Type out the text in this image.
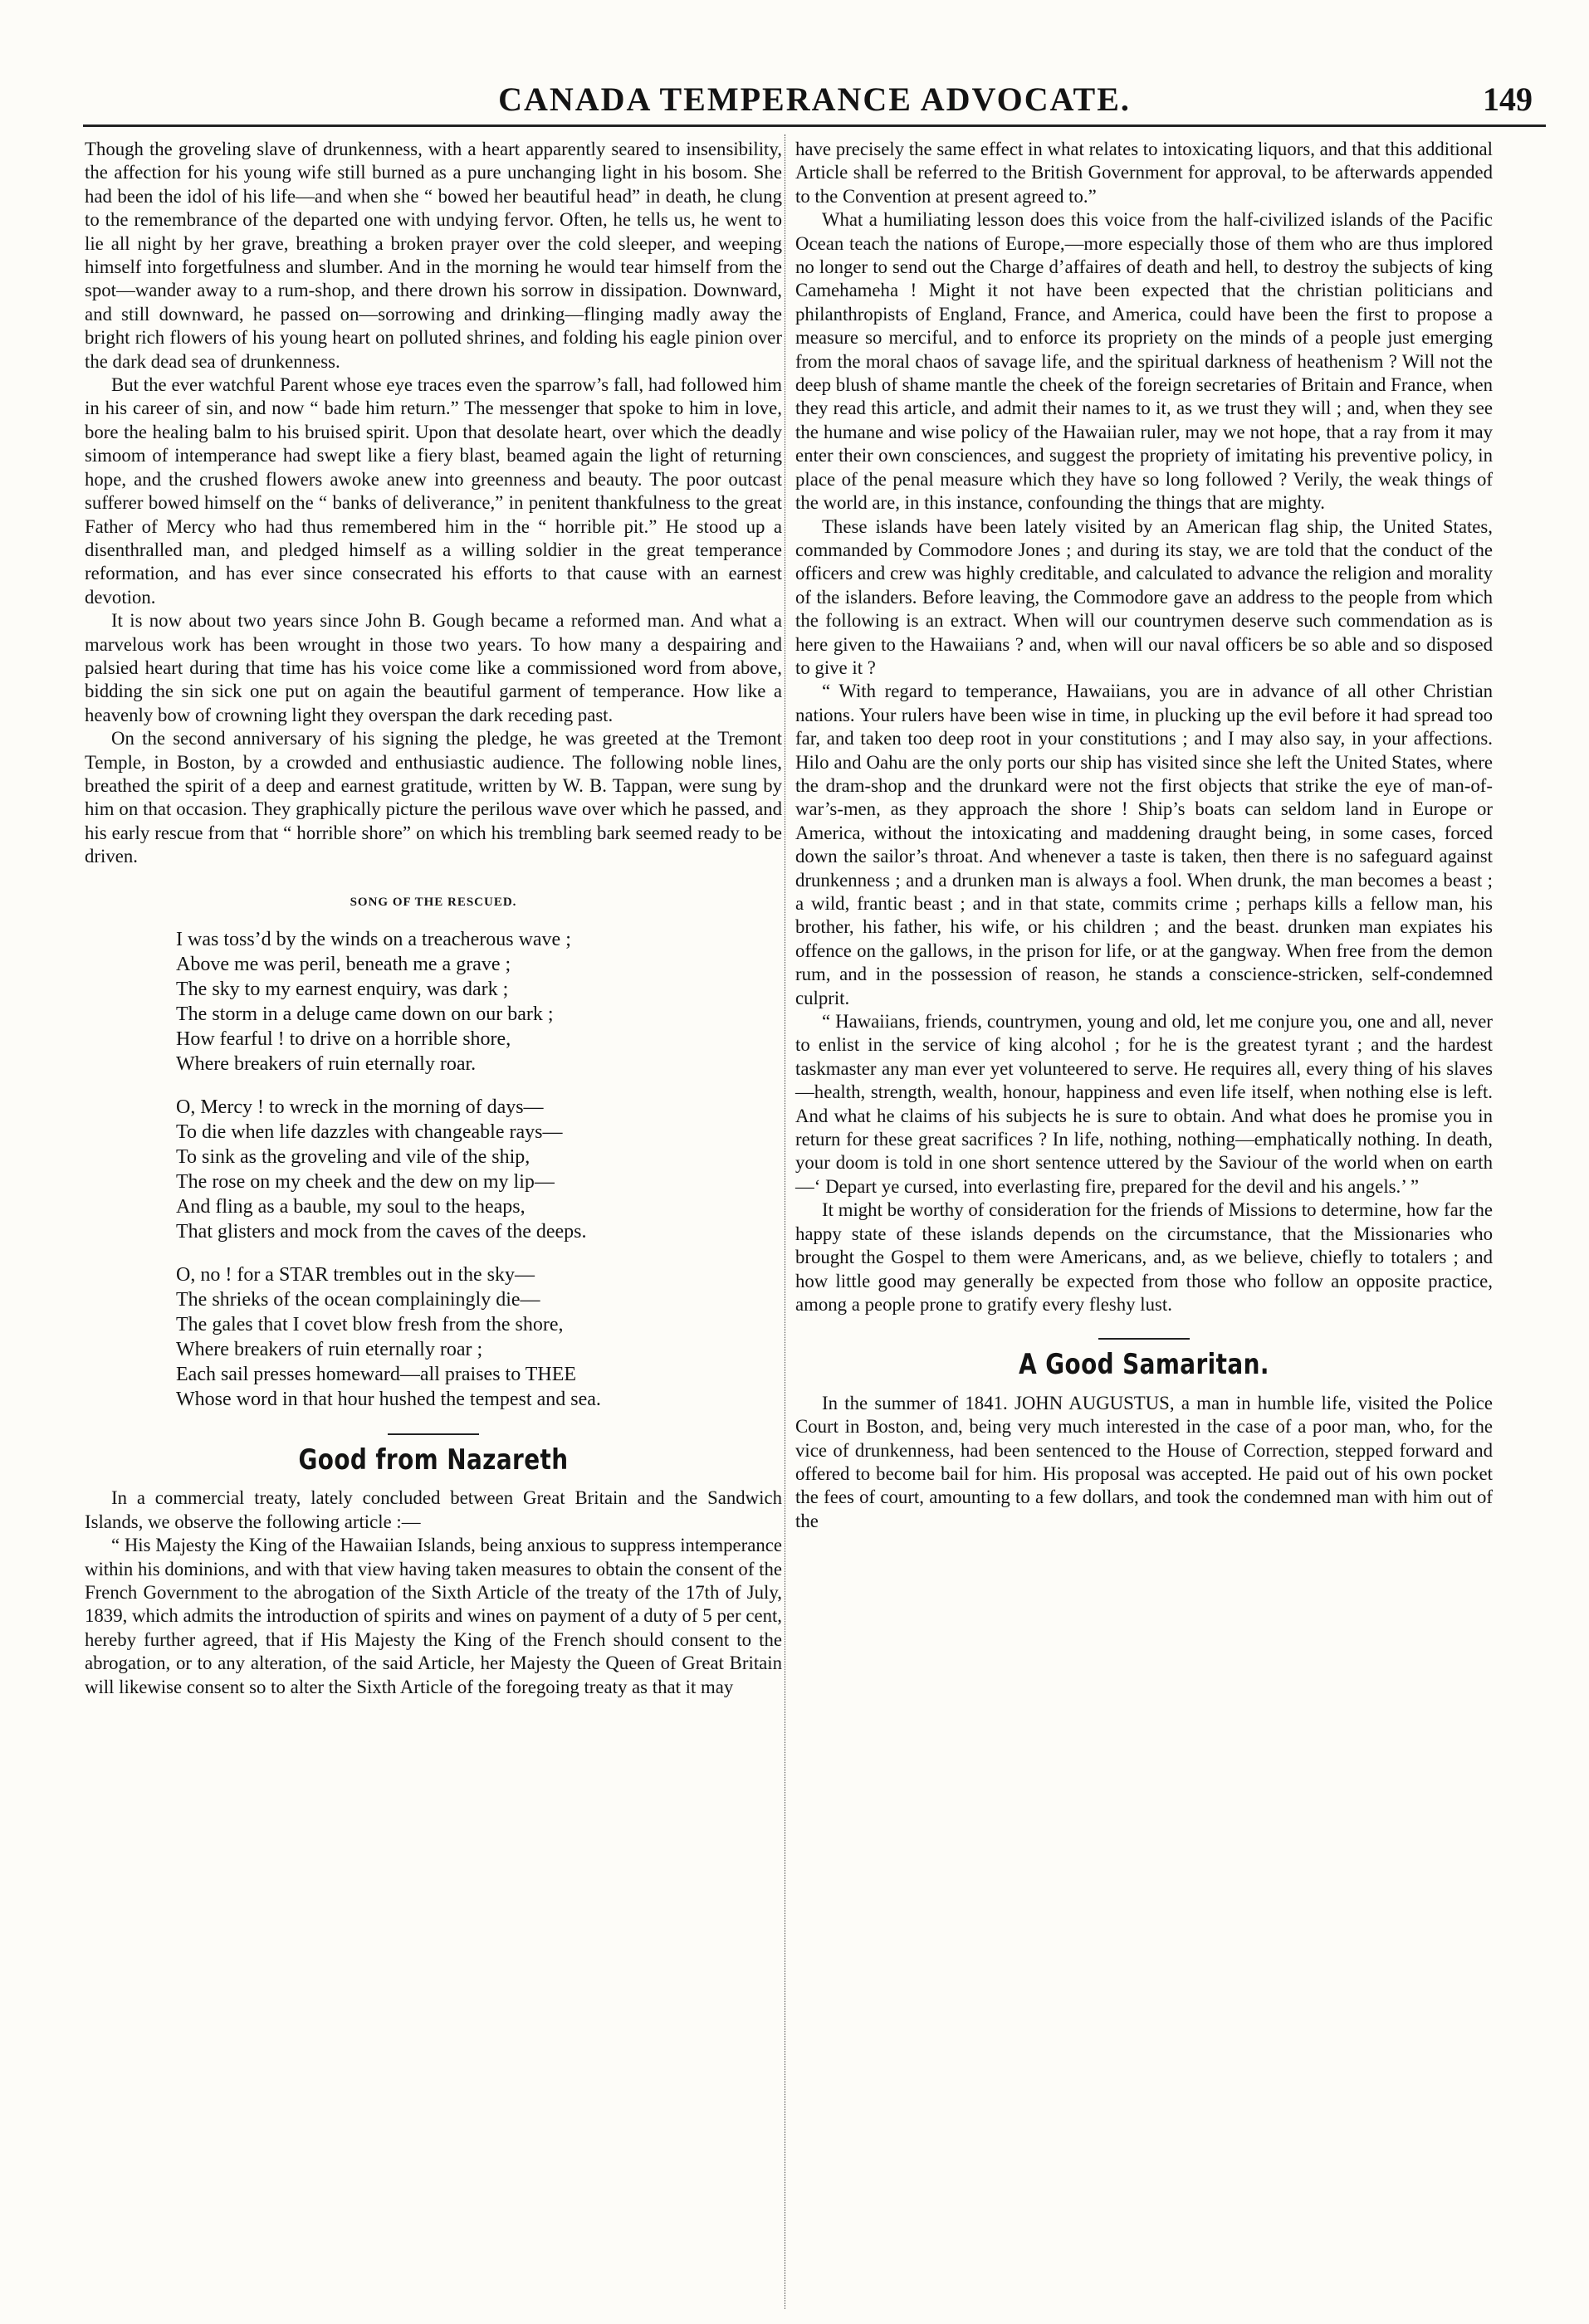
CANADA TEMPERANCE ADVOCATE.	149

Though the groveling slave of drunkenness, with a heart apparently seared to insensibility, the affection for his young wife still burned as a pure unchanging light in his bosom. She had been the idol of his life—and when she “ bowed her beautiful head” in death, he clung to the remembrance of the departed one with undying fervor. Often, he tells us, he went to lie all night by her grave, breathing a broken prayer over the cold sleeper, and weeping himself into forgetfulness and slumber. And in the morning he would tear himself from the spot—wander away to a rum-shop, and there drown his sorrow in dissipation. Downward, and still downward, he passed on—sorrowing and drinking—flinging madly away the bright rich flowers of his young heart on polluted shrines, and folding his eagle pinion over the dark dead sea of drunkenness.

But the ever watchful Parent whose eye traces even the sparrow’s fall, had followed him in his career of sin, and now “ bade him return.” The messenger that spoke to him in love, bore the healing balm to his bruised spirit. Upon that desolate heart, over which the deadly simoom of intemperance had swept like a fiery blast, beamed again the light of returning hope, and the crushed flowers awoke anew into greenness and beauty. The poor outcast sufferer bowed himself on the “ banks of deliverance,” in penitent thankfulness to the great Father of Mercy who had thus remembered him in the “ horrible pit.” He stood up a disenthralled man, and pledged himself as a willing soldier in the great temperance reformation, and has ever since consecrated his efforts to that cause with an earnest devotion.

It is now about two years since John B. Gough became a reformed man. And what a marvelous work has been wrought in those two years. To how many a despairing and palsied heart during that time has his voice come like a commissioned word from above, bidding the sin sick one put on again the beautiful garment of temperance. How like a heavenly bow of crowning light they overspan the dark receding past.

On the second anniversary of his signing the pledge, he was greeted at the Tremont Temple, in Boston, by a crowded and enthusiastic audience. The following noble lines, breathed the spirit of a deep and earnest gratitude, written by W. B. Tappan, were sung by him on that occasion. They graphically picture the perilous wave over which he passed, and his early rescue from that “ horrible shore” on which his trembling bark seemed ready to be driven.

SONG OF THE RESCUED.
I was toss’d by the winds on a treacherous wave ;
Above me was peril, beneath me a grave ;
The sky to my earnest enquiry, was dark ;
The storm in a deluge came down on our bark ;
How fearful ! to drive on a horrible shore,
Where breakers of ruin eternally roar.
O, Mercy ! to wreck in the morning of days—
To die when life dazzles with changeable rays—
To sink as the groveling and vile of the ship,
The rose on my cheek and the dew on my lip—
And fling as a bauble, my soul to the heaps,
That glisters and mock from the caves of the deeps.
O, no ! for a STAR trembles out in the sky—
The shrieks of the ocean complainingly die—
The gales that I covet blow fresh from the shore,
Where breakers of ruin eternally roar ;
Each sail presses homeward—all praises to THEE
Whose word in that hour hushed the tempest and sea.
Good from Nazareth

In a commercial treaty, lately concluded between Great Britain and the Sandwich Islands, we observe the following article :—

“ His Majesty the King of the Hawaiian Islands, being anxious to suppress intemperance within his dominions, and with that view having taken measures to obtain the consent of the French Government to the abrogation of the Sixth Article of the treaty of the 17th of July, 1839, which admits the introduction of spirits and wines on payment of a duty of 5 per cent, hereby further agreed, that if His Majesty the King of the French should consent to the abrogation, or to any alteration, of the said Article, her Majesty the Queen of Great Britain will likewise consent so to alter the Sixth Article of the foregoing treaty as that it may

have precisely the same effect in what relates to intoxicating liquors, and that this additional Article shall be referred to the British Government for approval, to be afterwards appended to the Convention at present agreed to.”

What a humiliating lesson does this voice from the half-civilized islands of the Pacific Ocean teach the nations of Europe,—more especially those of them who are thus implored no longer to send out the Charge d’affaires of death and hell, to destroy the subjects of king Camehameha ! Might it not have been expected that the christian politicians and philanthropists of England, France, and America, could have been the first to propose a measure so merciful, and to enforce its propriety on the minds of a people just emerging from the moral chaos of savage life, and the spiritual darkness of heathenism ? Will not the deep blush of shame mantle the cheek of the foreign secretaries of Britain and France, when they read this article, and admit their names to it, as we trust they will ; and, when they see the humane and wise policy of the Hawaiian ruler, may we not hope, that a ray from it may enter their own consciences, and suggest the propriety of imitating his preventive policy, in place of the penal measure which they have so long followed ? Verily, the weak things of the world are, in this instance, confounding the things that are mighty.

These islands have been lately visited by an American flag ship, the United States, commanded by Commodore Jones ; and during its stay, we are told that the conduct of the officers and crew was highly creditable, and calculated to advance the religion and morality of the islanders. Before leaving, the Commodore gave an address to the people from which the following is an extract. When will our countrymen deserve such commendation as is here given to the Hawaiians ? and, when will our naval officers be so able and so disposed to give it ?

“ With regard to temperance, Hawaiians, you are in advance of all other Christian nations. Your rulers have been wise in time, in plucking up the evil before it had spread too far, and taken too deep root in your constitutions ; and I may also say, in your affections. Hilo and Oahu are the only ports our ship has visited since she left the United States, where the dram-shop and the drunkard were not the first objects that strike the eye of man-of-war’s-men, as they approach the shore ! Ship’s boats can seldom land in Europe or America, without the intoxicating and maddening draught being, in some cases, forced down the sailor’s throat. And whenever a taste is taken, then there is no safeguard against drunkenness ; and a drunken man is always a fool. When drunk, the man becomes a beast ; a wild, frantic beast ; and in that state, commits crime ; perhaps kills a fellow man, his brother, his father, his wife, or his children ; and the beast. drunken man expiates his offence on the gallows, in the prison for life, or at the gangway. When free from the demon rum, and in the possession of reason, he stands a conscience-stricken, self-condemned culprit.

“ Hawaiians, friends, countrymen, young and old, let me conjure you, one and all, never to enlist in the service of king alcohol ; for he is the greatest tyrant ; and the hardest taskmaster any man ever yet volunteered to serve. He requires all, every thing of his slaves—health, strength, wealth, honour, happiness and even life itself, when nothing else is left. And what he claims of his subjects he is sure to obtain. And what does he promise you in return for these great sacrifices ? In life, nothing, nothing—emphatically nothing. In death, your doom is told in one short sentence uttered by the Saviour of the world when on earth—‘ Depart ye cursed, into everlasting fire, prepared for the devil and his angels.’ ”

It might be worthy of consideration for the friends of Missions to determine, how far the happy state of these islands depends on the circumstance, that the Missionaries who brought the Gospel to them were Americans, and, as we believe, chiefly to totalers ; and how little good may generally be expected from those who follow an opposite practice, among a people prone to gratify every fleshy lust.

A Good Samaritan.

In the summer of 1841. JOHN AUGUSTUS, a man in humble life, visited the Police Court in Boston, and, being very much interested in the case of a poor man, who, for the vice of drunkenness, had been sentenced to the House of Correction, stepped forward and offered to become bail for him. His proposal was accepted. He paid out of his own pocket the fees of court, amounting to a few dollars, and took the condemned man with him out of the
